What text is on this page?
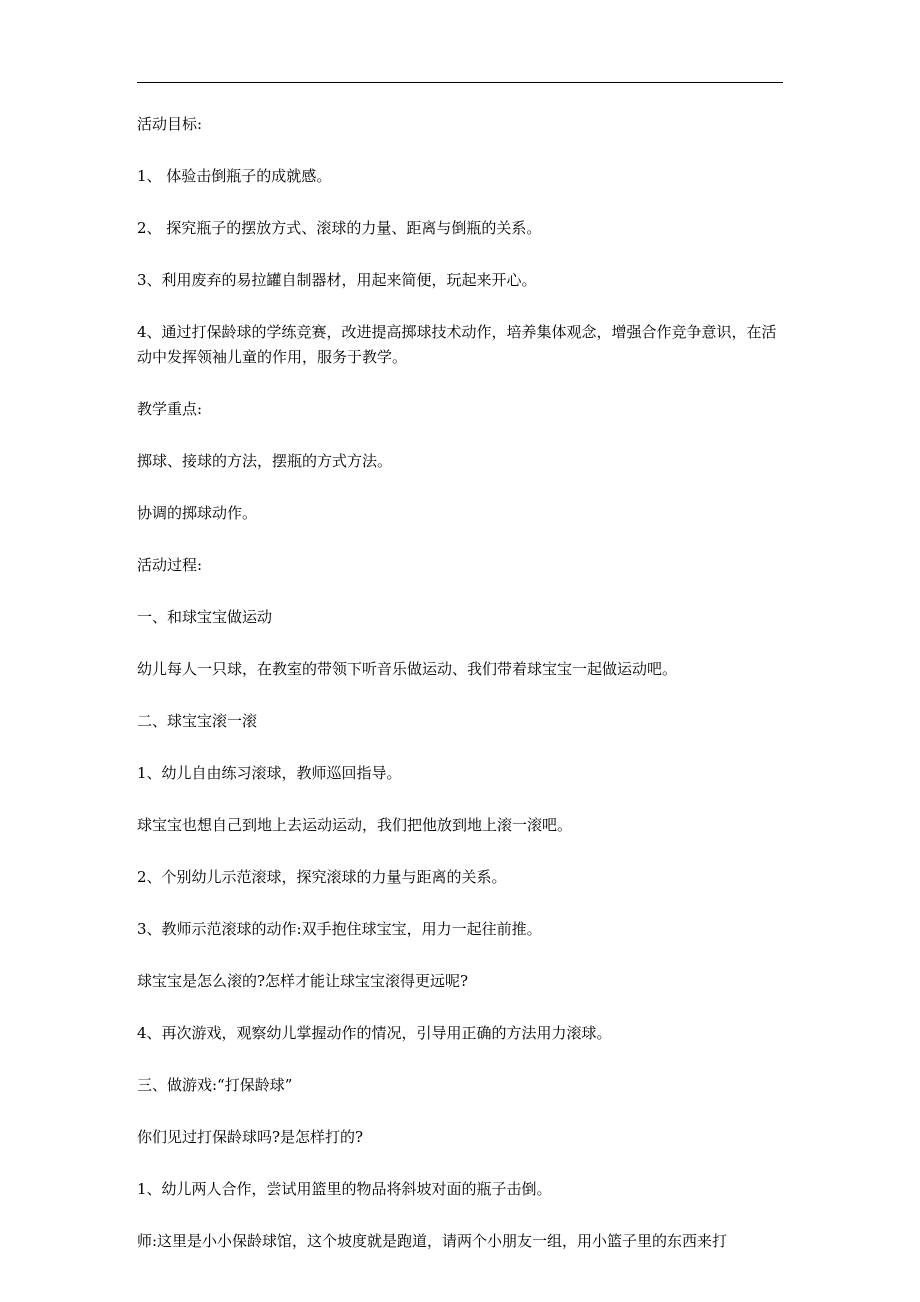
活动目标:

1、 体验击倒瓶子的成就感。

2、 探究瓶子的摆放方式、滚球的力量、距离与倒瓶的关系。

3、利用废弃的易拉罐自制器材，用起来简便，玩起来开心。

4、通过打保龄球的学练竞赛，改进提高掷球技术动作，培养集体观念，增强合作竞争意识，在活动中发挥领袖儿童的作用，服务于教学。

教学重点:

掷球、接球的方法，摆瓶的方式方法。

协调的掷球动作。

活动过程:

一、和球宝宝做运动

幼儿每人一只球，在教室的带领下听音乐做运动、我们带着球宝宝一起做运动吧。

二、球宝宝滚一滚

1、幼儿自由练习滚球，教师巡回指导。

球宝宝也想自己到地上去运动运动，我们把他放到地上滚一滚吧。

2、个别幼儿示范滚球，探究滚球的力量与距离的关系。

3、教师示范滚球的动作:双手抱住球宝宝，用力一起往前推。

球宝宝是怎么滚的?怎样才能让球宝宝滚得更远呢?

4、再次游戏，观察幼儿掌握动作的情况，引导用正确的方法用力滚球。

三、做游戏:“打保龄球”

你们见过打保龄球吗?是怎样打的?

1、幼儿两人合作，尝试用篮里的物品将斜坡对面的瓶子击倒。

师:这里是小小保龄球馆，这个坡度就是跑道，请两个小朋友一组，用小篮子里的东西来打
